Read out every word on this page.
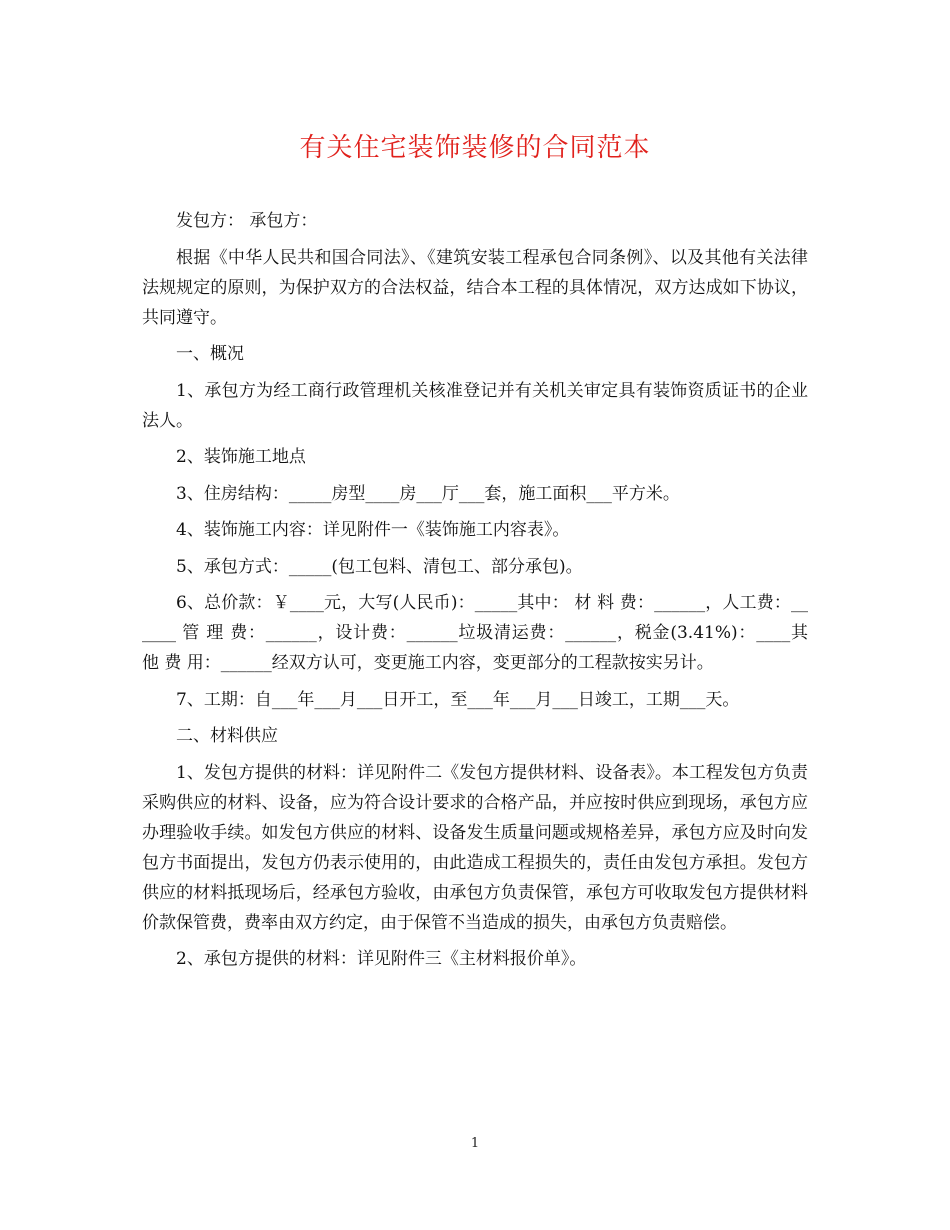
有关住宅装饰装修的合同范本

发包方： 承包方：

根据《中华人民共和国合同法》、《建筑安装工程承包合同条例》、以及其他有关法律法规规定的原则，为保护双方的合法权益，结合本工程的具体情况，双方达成如下协议，共同遵守。

一、概况

1、承包方为经工商行政管理机关核准登记并有关机关审定具有装饰资质证书的企业法人。

2、装饰施工地点

3、住房结构：_____房型____房___厅___套，施工面积___平方米。

4、装饰施工内容：详见附件一《装饰施工内容表》。

5、承包方式：_____(包工包料、清包工、部分承包)。

6、总价款：￥____元，大写(人民币)：_____其中： 材 料 费：______，人工费：______ 管 理 费：______，设计费：______垃圾清运费：______，税金(3.41%)：____其 他 费 用：______经双方认可，变更施工内容，变更部分的工程款按实另计。

7、工期：自___年___月___日开工，至___年___月___日竣工，工期___天。

二、材料供应

1、发包方提供的材料：详见附件二《发包方提供材料、设备表》。本工程发包方负责采购供应的材料、设备，应为符合设计要求的合格产品，并应按时供应到现场，承包方应办理验收手续。如发包方供应的材料、设备发生质量问题或规格差异，承包方应及时向发包方书面提出，发包方仍表示使用的，由此造成工程损失的，责任由发包方承担。发包方供应的材料抵现场后，经承包方验收，由承包方负责保管，承包方可收取发包方提供材料价款保管费，费率由双方约定，由于保管不当造成的损失，由承包方负责赔偿。

2、承包方提供的材料：详见附件三《主材料报价单》。

1
